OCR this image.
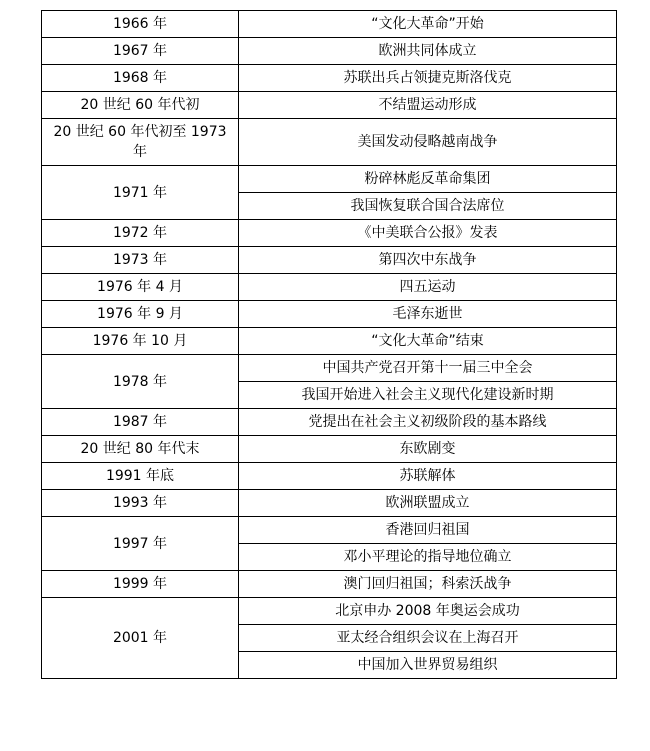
1966 年	“文化大革命”开始
1967 年	欧洲共同体成立
1968 年	苏联出兵占领捷克斯洛伐克
20 世纪 60 年代初	不结盟运动形成
20 世纪 60 年代初至 1973 年	美国发动侵略越南战争
1971 年	粉碎林彪反革命集团
	我国恢复联合国合法席位
1972 年	《中美联合公报》发表
1973 年	第四次中东战争
1976 年 4 月	四五运动
1976 年 9 月	毛泽东逝世
1976 年 10 月	“文化大革命”结束
1978 年	中国共产党召开第十一届三中全会
	我国开始进入社会主义现代化建设新时期
1987 年	党提出在社会主义初级阶段的基本路线
20 世纪 80 年代末	东欧剧变
1991 年底	苏联解体
1993 年	欧洲联盟成立
1997 年	香港回归祖国
	邓小平理论的指导地位确立
1999 年	澳门回归祖国；科索沃战争
2001 年	北京申办 2008 年奥运会成功
	亚太经合组织会议在上海召开
	中国加入世界贸易组织
